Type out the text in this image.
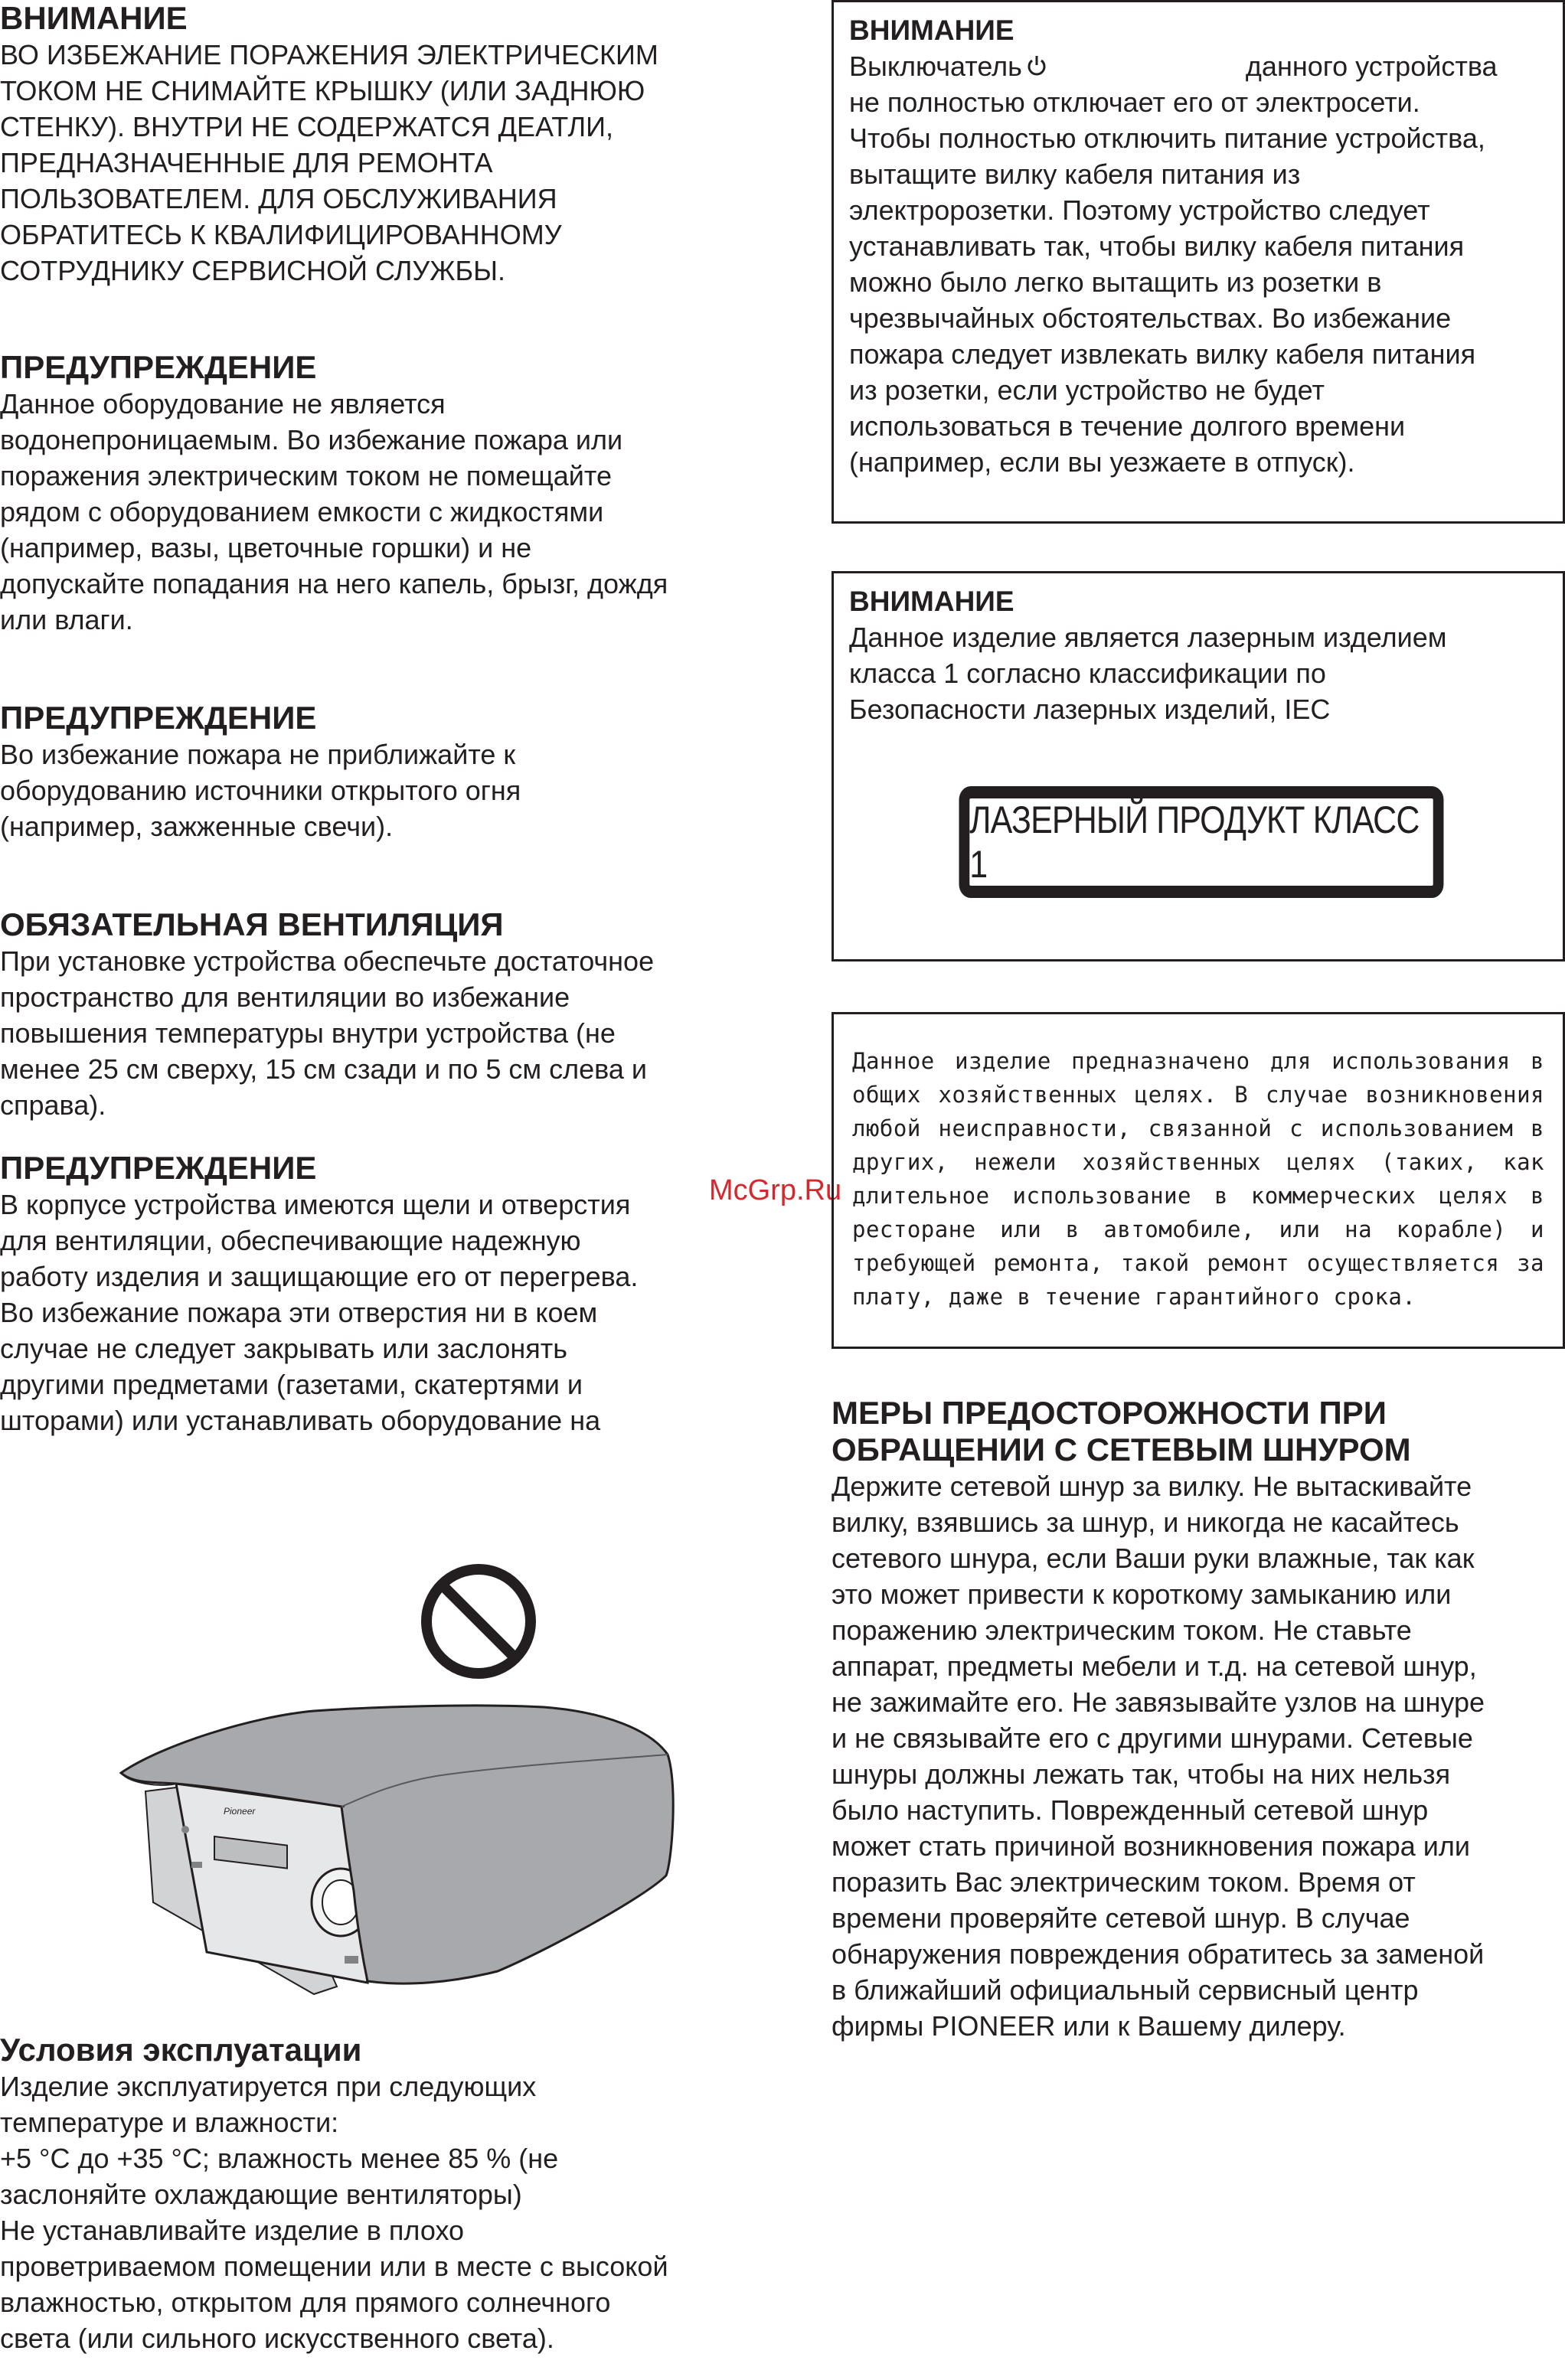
ВНИМАНИЕ

ВО ИЗБЕЖАНИЕ ПОРАЖЕНИЯ ЭЛЕКТРИЧЕСКИМ
ТОКОМ НЕ СНИМАЙТЕ КРЫШКУ (ИЛИ ЗАДНЮЮ
СТЕНКУ). ВНУТРИ НЕ СОДЕРЖАТСЯ ДЕАТЛИ,
ПРЕДНАЗНАЧЕННЫЕ ДЛЯ РЕМОНТА
ПОЛЬЗОВАТЕЛЕМ. ДЛЯ ОБСЛУЖИВАНИЯ
ОБРАТИТЕСЬ К КВАЛИФИЦИРОВАННОМУ
СОТРУДНИКУ СЕРВИСНОЙ СЛУЖБЫ.

ПРЕДУПРЕЖДЕНИЕ

Данное оборудование не является
водонепроницаемым. Во избежание пожара или
поражения электрическим током не помещайте
рядом с оборудованием емкости с жидкостями
(например, вазы, цветочные горшки) и не
допускайте попадания на него капель, брызг, дождя
или влаги.

ПРЕДУПРЕЖДЕНИЕ

Во избежание пожара не приближайте к
оборудованию источники открытого огня
(например, зажженные свечи).

ОБЯЗАТЕЛЬНАЯ ВЕНТИЛЯЦИЯ

При установке устройства обеспечьте достаточное
пространство для вентиляции во избежание
повышения температуры внутри устройства (не
менее 25 см сверху, 15 см сзади и по 5 см слева и
справа).

ПРЕДУПРЕЖДЕНИЕ

В корпусе устройства имеются щели и отверстия
для вентиляции, обеспечивающие надежную
работу изделия и защищающие его от перегрева.
Во избежание пожара эти отверстия ни в коем
случае не следует закрывать или заслонять
другими предметами (газетами, скатертями и
шторами) или устанавливать оборудование на

Pioneer

Условия эксплуатации

Изделие эксплуатируется при следующих
температуре и влажности:
+5 °C до +35 °C; влажность менее 85 % (не
заслоняйте охлаждающие вентиляторы)
Не устанавливайте изделие в плохо
проветриваемом помещении или в месте с высокой
влажностью, открытом для прямого солнечного
света (или сильного искусственного света).

McGrp.Ru

ВНИМАНИЕ

Выключатель	данного устройства

не полностью отключает его от электросети.
Чтобы полностью отключить питание устройства,
вытащите вилку кабеля питания из
электророзетки. Поэтому устройство следует
устанавливать так, чтобы вилку кабеля питания
можно было легко вытащить из розетки в
чрезвычайных обстоятельствах. Во избежание
пожара следует извлекать вилку кабеля питания
из розетки, если устройство не будет
использоваться в течение долгого времени
(например, если вы уезжаете в отпуск).

ВНИМАНИЕ

Данное изделие является лазерным изделием
класса 1 согласно классификации по
Безопасности лазерных изделий, IEC

ЛАЗЕРНЫЙ ПРОДУКТ КЛАСС 1

Данное изделие предназначено для использования в общих хозяйственных целях. В случае возникновения любой неисправности, связанной с использованием в других, нежели хозяйственных целях (таких, как длительное использование в коммерческих целях в ресторане или в автомобиле, или на корабле) и требующей ремонта, такой ремонт осуществляется за плату, даже в течение гарантийного срока.

МЕРЫ ПРЕДОСТОРОЖНОСТИ ПРИ
ОБРАЩЕНИИ С СЕТЕВЫМ ШНУРОМ

Держите сетевой шнур за вилку. Не вытаскивайте
вилку, взявшись за шнур, и никогда не касайтесь
сетевого шнура, если Ваши руки влажные, так как
это может привести к короткому замыканию или
поражению электрическим током. Не ставьте
аппарат, предметы мебели и т.д. на сетевой шнур,
не зажимайте его. Не завязывайте узлов на шнуре
и не связывайте его с другими шнурами. Сетевые
шнуры должны лежать так, чтобы на них нельзя
было наступить. Поврежденный сетевой шнур
может стать причиной возникновения пожара или
поразить Вас электрическим током. Время от
времени проверяйте сетевой шнур. В случае
обнаружения повреждения обратитесь за заменой
в ближайший официальный сервисный центр
фирмы PIONEER или к Вашему дилеру.
